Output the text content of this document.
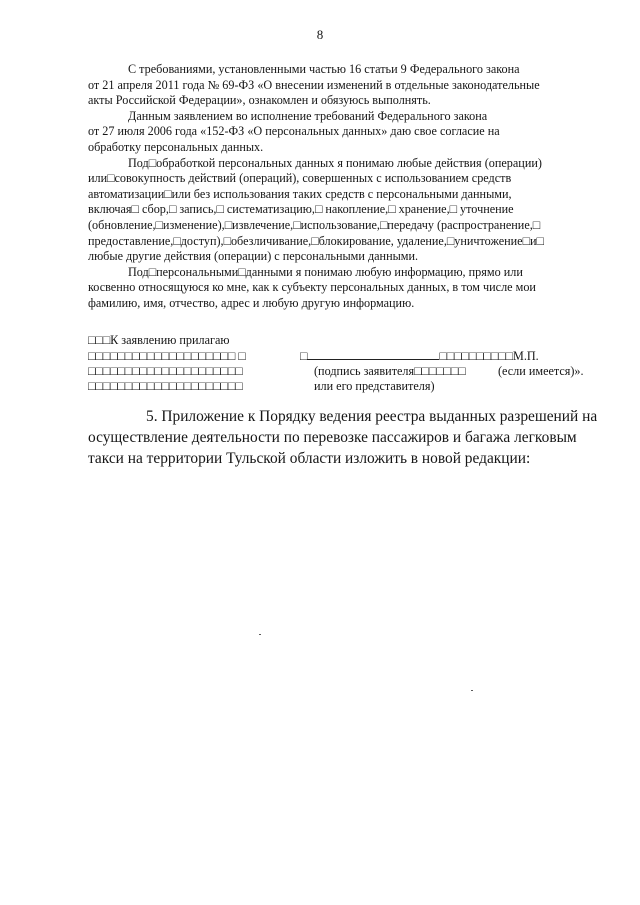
8
С требованиями, установленными частью 16 статьи 9 Федерального закона
от 21 апреля 2011 года № 69-ФЗ «О внесении изменений в отдельные законодательные
акты Российской Федерации», ознакомлен и обязуюсь выполнять.
Данным заявлением во исполнение требований Федерального закона
от 27 июля 2006 года «152-ФЗ «О персональных данных» даю свое согласие на
обработку персональных данных.
Под□обработкой персональных данных я понимаю любые действия (операции)
или□совокупность действий (операций), совершенных с использованием средств
автоматизации□или без использования таких средств с персональными данными,
включая□ сбор,□ запись,□ систематизацию,□ накопление,□ хранение,□ уточнение
(обновление,□изменение),□извлечение,□использование,□передачу (распространение,□
предоставление,□доступ),□обезличивание,□блокирование, удаление,□уничтожение□и□
любые другие действия (операции) с персональными данными.
Под□персональными□данными я понимаю любую информацию, прямо или
косвенно относящуюся ко мне, как к субъекту персональных данных, в том числе мои
фамилию, имя, отчество, адрес и любую другую информацию.
□□□К заявлению прилагаю
□□□□□□□□□□□□□□□□□□□□ □
□□□□□□□□□□□□□□□□□□□□□
□□□□□□□□□□□□□□□□□□□□□
□	□□□□□□□□□□М.П.
(подпись заявителя□□□□□□□	(если имеется)».
или его представителя)

5. Приложение к Порядку ведения реестра выданных разрешений на

осуществление деятельности по перевозке пассажиров и багажа легковым

такси на территории Тульской области изложить в новой редакции:
